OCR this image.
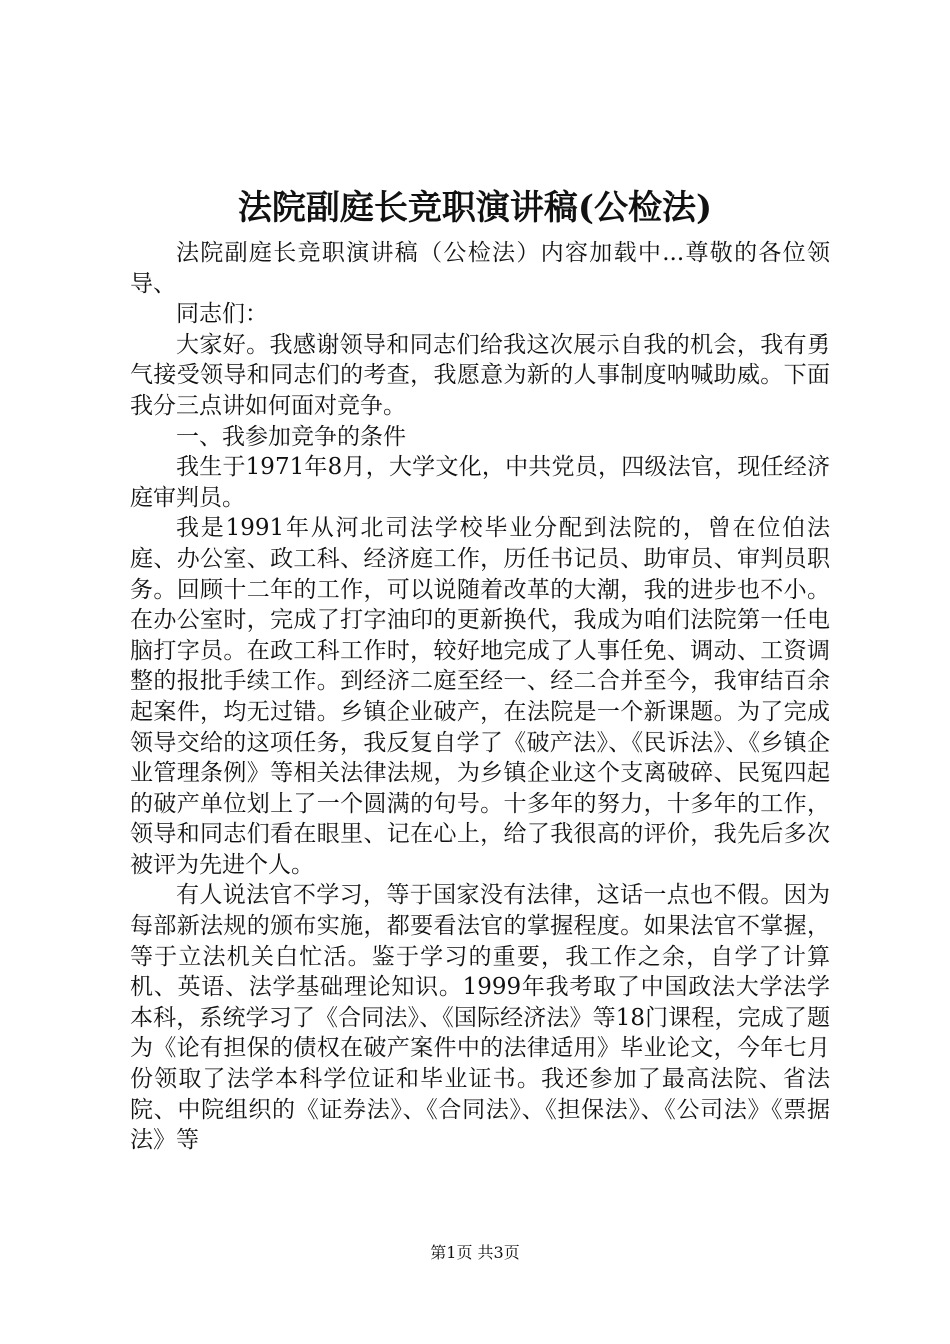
法院副庭长竞职演讲稿(公检法)

法院副庭长竞职演讲稿（公检法）内容加载中...尊敬的各位领导、

同志们：

大家好。我感谢领导和同志们给我这次展示自我的机会，我有勇气接受领导和同志们的考查，我愿意为新的人事制度呐喊助威。下面我分三点讲如何面对竞争。

一、我参加竞争的条件

我生于1971年8月，大学文化，中共党员，四级法官，现任经济庭审判员。

我是1991年从河北司法学校毕业分配到法院的，曾在位伯法庭、办公室、政工科、经济庭工作，历任书记员、助审员、审判员职务。回顾十二年的工作，可以说随着改革的大潮，我的进步也不小。在办公室时，完成了打字油印的更新换代，我成为咱们法院第一任电脑打字员。在政工科工作时，较好地完成了人事任免、调动、工资调整的报批手续工作。到经济二庭至经一、经二合并至今，我审结百余起案件，均无过错。乡镇企业破产，在法院是一个新课题。为了完成领导交给的这项任务，我反复自学了《破产法》、《民诉法》、《乡镇企业管理条例》等相关法律法规，为乡镇企业这个支离破碎、民冤四起的破产单位划上了一个圆满的句号。十多年的努力，十多年的工作，领导和同志们看在眼里、记在心上，给了我很高的评价，我先后多次被评为先进个人。

有人说法官不学习，等于国家没有法律，这话一点也不假。因为每部新法规的颁布实施，都要看法官的掌握程度。如果法官不掌握，等于立法机关白忙活。鉴于学习的重要，我工作之余，自学了计算机、英语、法学基础理论知识。1999年我考取了中国政法大学法学本科，系统学习了《合同法》、《国际经济法》等18门课程，完成了题为《论有担保的债权在破产案件中的法律适用》毕业论文，今年七月份领取了法学本科学位证和毕业证书。我还参加了最高法院、省法院、中院组织的《证券法》、《合同法》、《担保法》、《公司法》《票据法》等

第1页 共3页
